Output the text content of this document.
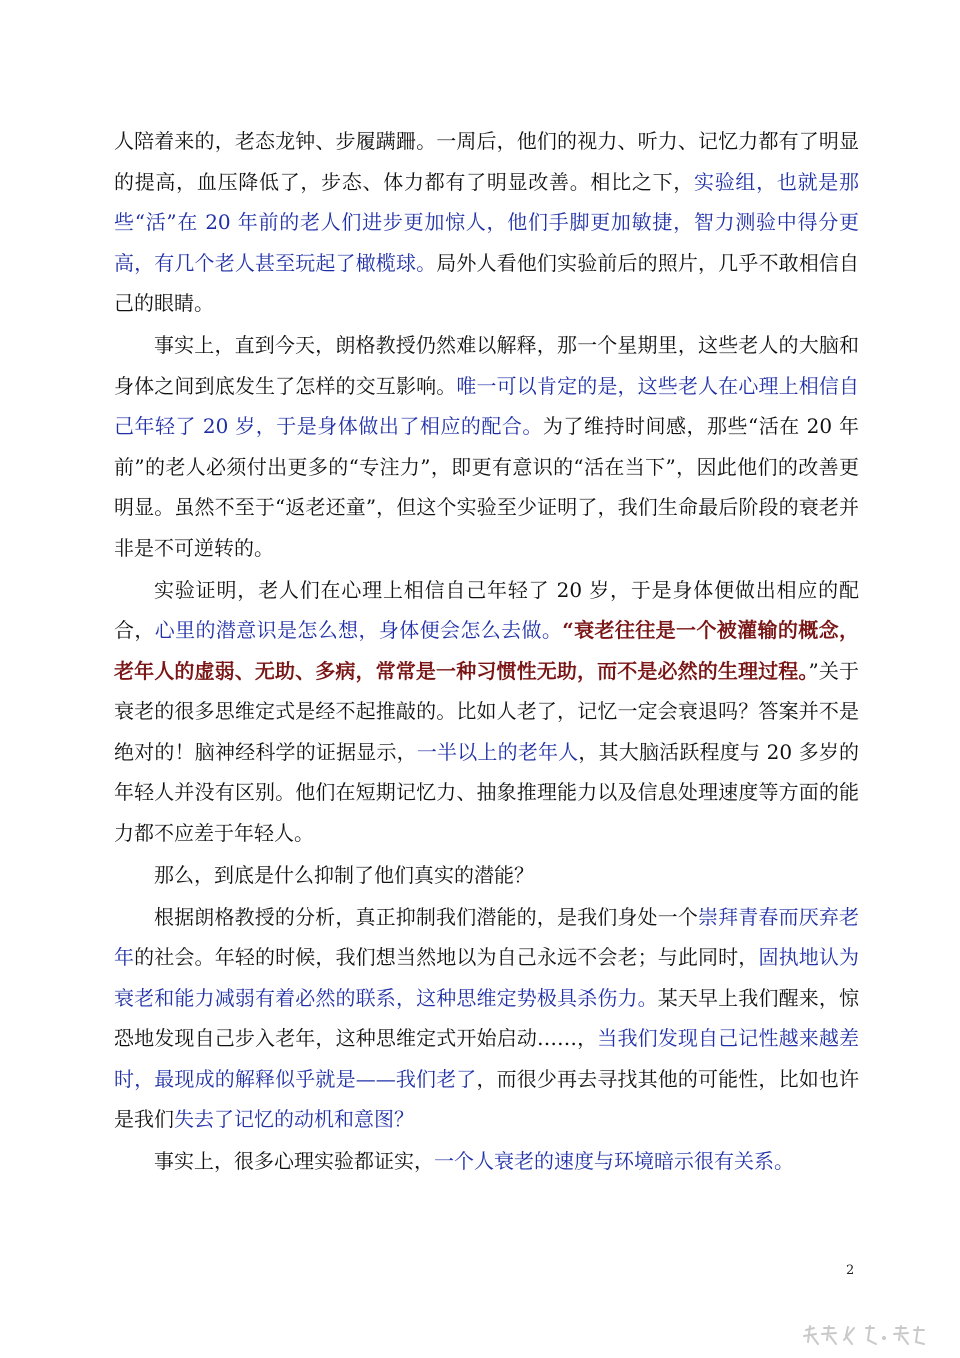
人陪着来的，老态龙钟、步履蹒跚。一周后，他们的视力、听力、记忆力都有了明显的提高，血压降低了，步态、体力都有了明显改善。相比之下，实验组，也就是那些“活”在 20 年前的老人们进步更加惊人，他们手脚更加敏捷，智力测验中得分更高，有几个老人甚至玩起了橄榄球。局外人看他们实验前后的照片，几乎不敢相信自己的眼睛。

事实上，直到今天，朗格教授仍然难以解释，那一个星期里，这些老人的大脑和身体之间到底发生了怎样的交互影响。唯一可以肯定的是，这些老人在心理上相信自己年轻了 20 岁，于是身体做出了相应的配合。为了维持时间感，那些“活在 20 年前”的老人必须付出更多的“专注力”，即更有意识的“活在当下”，因此他们的改善更明显。虽然不至于“返老还童”，但这个实验至少证明了，我们生命最后阶段的衰老并非是不可逆转的。

实验证明，老人们在心理上相信自己年轻了 20 岁，于是身体便做出相应的配合，心里的潜意识是怎么想，身体便会怎么去做。“衰老往往是一个被灌输的概念，老年人的虚弱、无助、多病，常常是一种习惯性无助，而不是必然的生理过程。”关于衰老的很多思维定式是经不起推敲的。比如人老了，记忆一定会衰退吗？答案并不是绝对的！脑神经科学的证据显示，一半以上的老年人，其大脑活跃程度与 20 多岁的年轻人并没有区别。他们在短期记忆力、抽象推理能力以及信息处理速度等方面的能力都不应差于年轻人。

那么，到底是什么抑制了他们真实的潜能？

根据朗格教授的分析，真正抑制我们潜能的，是我们身处一个崇拜青春而厌弃老年的社会。年轻的时候，我们想当然地以为自己永远不会老；与此同时，固执地认为衰老和能力减弱有着必然的联系，这种思维定势极具杀伤力。某天早上我们醒来，惊恐地发现自己步入老年，这种思维定式开始启动……，当我们发现自己记性越来越差时，最现成的解释似乎就是——我们老了，而很少再去寻找其他的可能性，比如也许是我们失去了记忆的动机和意图？

事实上，很多心理实验都证实，一个人衰老的速度与环境暗示很有关系。

2
